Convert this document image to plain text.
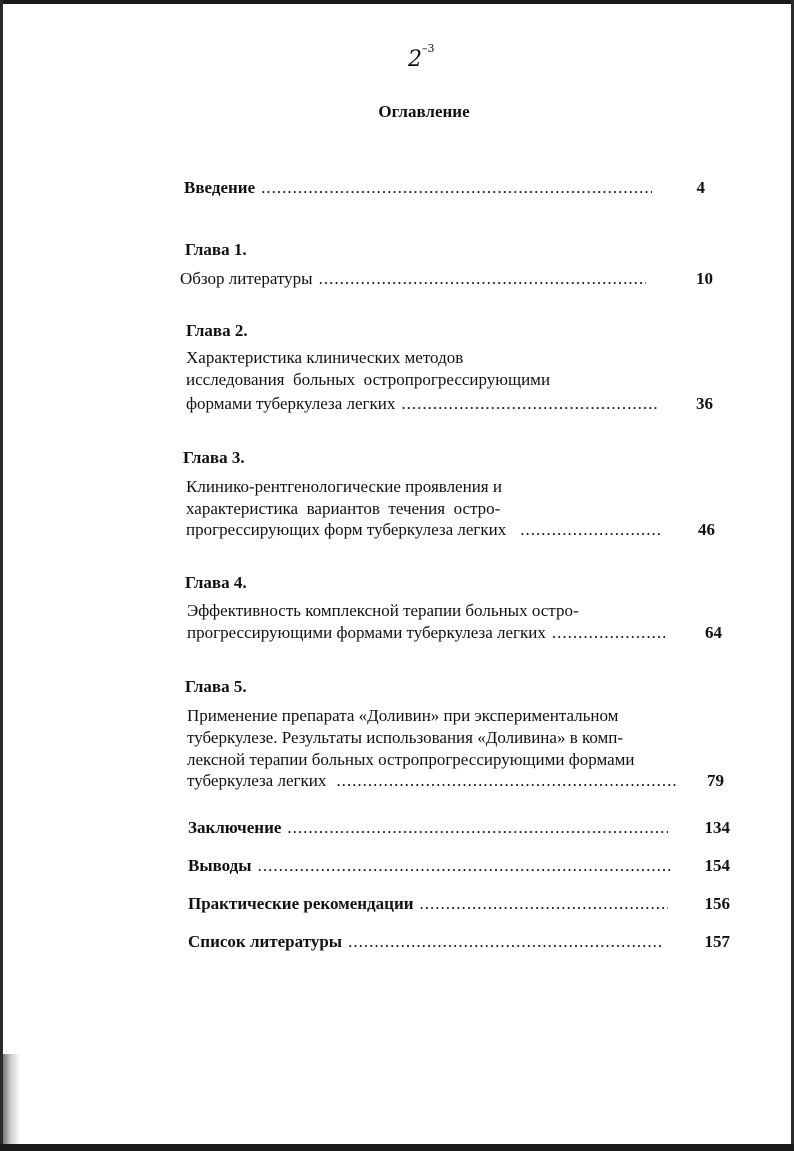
$2^{-3}$
Оглавление
Введение .....	4
Глава 1.
Обзор литературы .....	10
Глава 2.
Характеристика клинических методов
исследования  больных  остропрогрессирующими
формами туберкулеза легких .....	36
Глава 3.
Клинико-рентгенологические проявления и
характеристика  вариантов  течения  остро-
прогрессирующих форм туберкулеза легких .....	46
Глава 4.
Эффективность комплексной терапии больных остро-
прогрессирующими формами туберкулеза легких .....	64
Глава 5.
Применение препарата «Доливин» при экспериментальном
туберкулезе. Результаты использования «Доливина» в комп-
лексной терапии больных остропрогрессирующими формами
туберкулеза легких .....	79
Заключение .....	134
Выводы .....	154
Практические рекомендации .....	156
Список литературы .....	157
